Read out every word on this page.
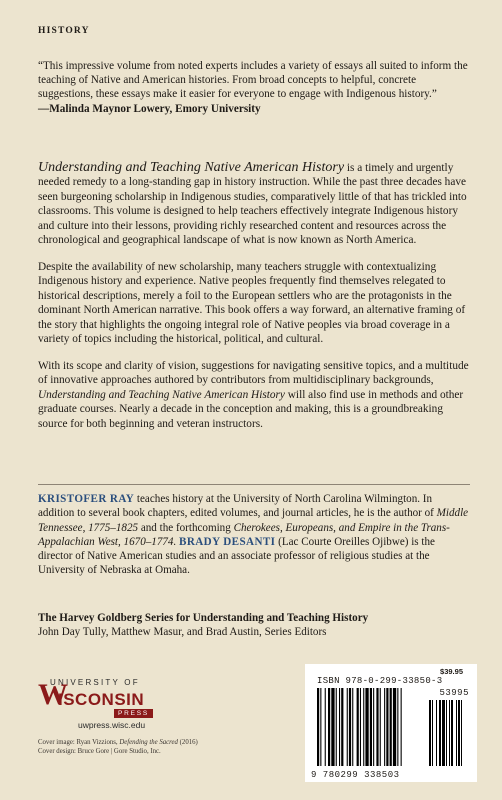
HISTORY
“This impressive volume from noted experts includes a variety of essays all suited to inform the teaching of Native and American histories. From broad concepts to helpful, concrete suggestions, these essays make it easier for everyone to engage with Indigenous history.”
—Malinda Maynor Lowery, Emory University

Understanding and Teaching Native American History is a timely and urgently needed remedy to a long-standing gap in history instruction. While the past three decades have seen burgeoning scholarship in Indigenous studies, comparatively little of that has trickled into classrooms. This volume is designed to help teachers effectively integrate Indigenous history and culture into their lessons, providing richly researched content and resources across the chronological and geographical landscape of what is now known as North America.

Despite the availability of new scholarship, many teachers struggle with contextualizing Indigenous history and experience. Native peoples frequently find themselves relegated to historical descriptions, merely a foil to the European settlers who are the protagonists in the dominant North American narrative. This book offers a way forward, an alternative framing of the story that highlights the ongoing integral role of Native peoples via broad coverage in a variety of topics including the historical, political, and cultural.

With its scope and clarity of vision, suggestions for navigating sensitive topics, and a multitude of innovative approaches authored by contributors from multidisciplinary backgrounds, Understanding and Teaching Native American History will also find use in methods and other graduate courses. Nearly a decade in the conception and making, this is a groundbreaking source for both beginning and veteran instructors.

KRISTOFER RAY teaches history at the University of North Carolina Wilmington. In addition to several book chapters, edited volumes, and journal articles, he is the author of Middle Tennessee, 1775–1825 and the forthcoming Cherokees, Europeans, and Empire in the Trans-Appalachian West, 1670–1774. BRADY DESANTI (Lac Courte Oreilles Ojibwe) is the director of Native American studies and an associate professor of religious studies at the University of Nebraska at Omaha.
The Harvey Goldberg Series for Understanding and Teaching History
John Day Tully, Matthew Masur, and Brad Austin, Series Editors
UNIVERSITY OF
W
ISCONSIN
PRESS
uwpress.wisc.edu
Cover image: Ryan Vizzions, Defending the Sacred (2016)
Cover design: Bruce Gore | Gore Studio, Inc.
$39.95
ISBN 978-0-299-33850-3
53995
9 780299 338503
